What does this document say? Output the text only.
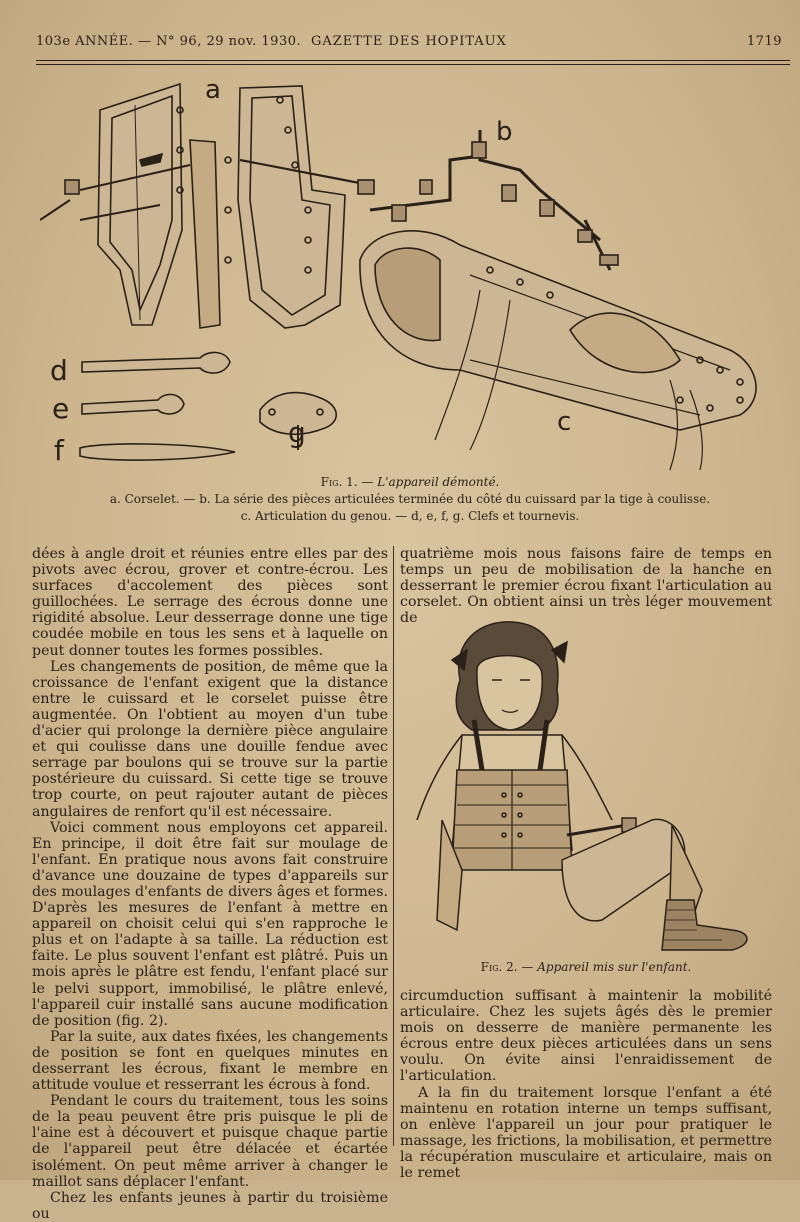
103e ANNÉE. — N° 96, 29 nov. 1930. GAZETTE DES HOPITAUX	1719
a
b
c
d
e
f
g
Fig. 1. — L'appareil démonté.
a. Corselet. — b. La série des pièces articulées terminée du côté du cuissard par la tige à coulisse.
c. Articulation du genou. — d, e, f, g. Clefs et tournevis.

dées à angle droit et réunies entre elles par des pivots avec écrou, grover et contre-écrou. Les surfaces d'accolement des pièces sont guillochées. Le serrage des écrous donne une rigidité absolue. Leur desserrage donne une tige coudée mobile en tous les sens et à laquelle on peut donner toutes les formes possibles.

Les changements de position, de même que la croissance de l'enfant exigent que la distance entre le cuissard et le corselet puisse être augmentée. On l'obtient au moyen d'un tube d'acier qui prolonge la dernière pièce angulaire et qui coulisse dans une douille fendue avec serrage par boulons qui se trouve sur la partie postérieure du cuissard. Si cette tige se trouve trop courte, on peut rajouter autant de pièces angulaires de renfort qu'il est nécessaire.

Voici comment nous employons cet appareil. En principe, il doit être fait sur moulage de l'enfant. En pratique nous avons fait construire d'avance une douzaine de types d'appareils sur des moulages d'enfants de divers âges et formes. D'après les mesures de l'enfant à mettre en appareil on choisit celui qui s'en rapproche le plus et on l'adapte à sa taille. La réduction est faite. Le plus souvent l'enfant est plâtré. Puis un mois après le plâtre est fendu, l'enfant placé sur le pelvi support, immobilisé, le plâtre enlevé, l'appareil cuir installé sans aucune modification de position (fig. 2).

Par la suite, aux dates fixées, les changements de position se font en quelques minutes en desserrant les écrous, fixant le membre en attitude voulue et resserrant les écrous à fond.

Pendant le cours du traitement, tous les soins de la peau peuvent être pris puisque le pli de l'aine est à découvert et puisque chaque partie de l'appareil peut être délacée et écartée isolément. On peut même arriver à changer le maillot sans déplacer l'enfant.

Chez les enfants jeunes à partir du troisième ou

quatrième mois nous faisons faire de temps en temps un peu de mobilisation de la hanche en desserrant le premier écrou fixant l'articulation au corselet. On obtient ainsi un très léger mouvement de

Fig. 2. — Appareil mis sur l'enfant.

circumduction suffisant à maintenir la mobilité articulaire. Chez les sujets âgés dès le premier mois on desserre de manière permanente les écrous entre deux pièces articulées dans un sens voulu. On évite ainsi l'enraidissement de l'articulation.

A la fin du traitement lorsque l'enfant a été maintenu en rotation interne un temps suffisant, on enlève l'appareil un jour pour pratiquer le massage, les frictions, la mobilisation, et permettre la récupération musculaire et articulaire, mais on le remet
